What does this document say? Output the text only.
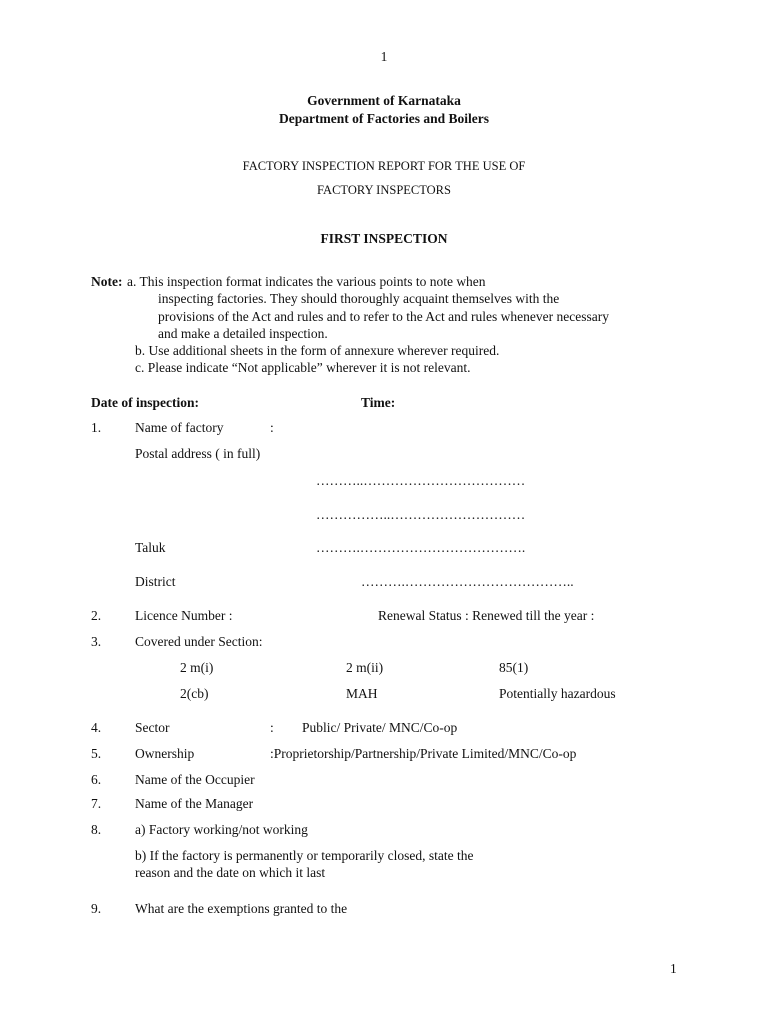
1
Government of Karnataka
Department of Factories and Boilers
FACTORY INSPECTION REPORT FOR THE USE OF
FACTORY INSPECTORS
FIRST INSPECTION
Note: a. This inspection format indicates the various points to note when
inspecting factories. They should thoroughly acquaint themselves with the
provisions of the Act and rules and to refer to the Act and rules whenever necessary
and make a detailed inspection.
b. Use additional sheets in the form of annexure wherever required.
c. Please indicate “Not applicable” wherever it is not relevant.
Date of inspection:	Time:
1.	Name of factory	:
Postal address ( in full)
………..………………………………
……………..…………………………
Taluk	……….……………………………….
District	……….………………………………..
2.	Licence Number :	Renewal Status : Renewed till the year :
3.	Covered under Section:
2 m(i)	2 m(ii)	85(1)
2(cb)	MAH	Potentially hazardous
4.	Sector	: Public/ Private/ MNC/Co-op
5.	Ownership	:Proprietorship/Partnership/Private Limited/MNC/Co-op
6.	Name of the Occupier
7.	Name of the Manager
8.	a) Factory working/not working
b) If the factory is permanently or temporarily closed, state the
reason and the date on which it last
9.	What are the exemptions granted to the
1
